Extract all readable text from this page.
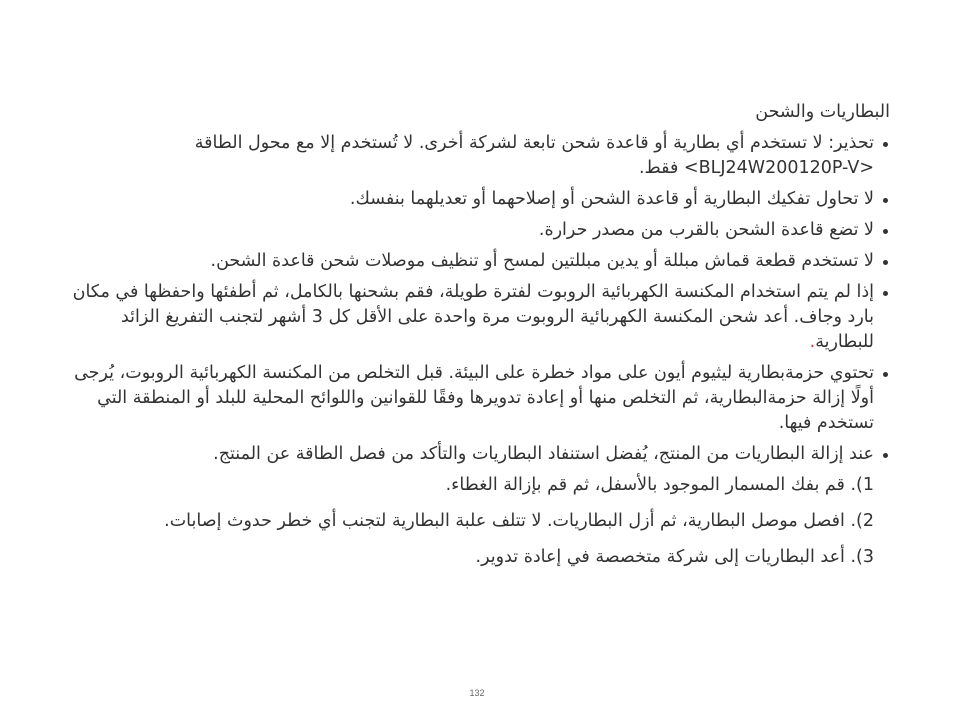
البطاريات والشحن
تحذير: لا تستخدم أي بطارية أو قاعدة شحن تابعة لشركة أخرى. لا تُستخدم إلا مع محول الطاقة <BLJ24W200120P-V> فقط.
لا تحاول تفكيك البطارية أو قاعدة الشحن أو إصلاحهما أو تعديلهما بنفسك.
لا تضع قاعدة الشحن بالقرب من مصدر حرارة.
لا تستخدم قطعة قماش مبللة أو يدين مبللتين لمسح أو تنظيف موصلات شحن قاعدة الشحن.
إذا لم يتم استخدام المكنسة الكهربائية الروبوت لفترة طويلة، فقم بشحنها بالكامل، ثم أطفئها واحفظها في مكان بارد وجاف. أعد شحن المكنسة الكهربائية الروبوت مرة واحدة على الأقل كل 3 أشهر لتجنب التفريغ الزائد للبطارية.
تحتوي حزمةبطارية ليثيوم أيون على مواد خطرة على البيئة. قبل التخلص من المكنسة الكهربائية الروبوت، يُرجى أولًا إزالة حزمةالبطارية، ثم التخلص منها أو إعادة تدويرها وفقًا للقوانين واللوائح المحلية للبلد أو المنطقة التي تستخدم فيها.
عند إزالة البطاريات من المنتج، يُفضل استنفاد البطاريات والتأكد من فصل الطاقة عن المنتج.
1). قم بفك المسمار الموجود بالأسفل، ثم قم بإزالة الغطاء.
2). افصل موصل البطارية، ثم أزل البطاريات. لا تتلف علبة البطارية لتجنب أي خطر حدوث إصابات.
3). أعد البطاريات إلى شركة متخصصة في إعادة تدوير.
132
